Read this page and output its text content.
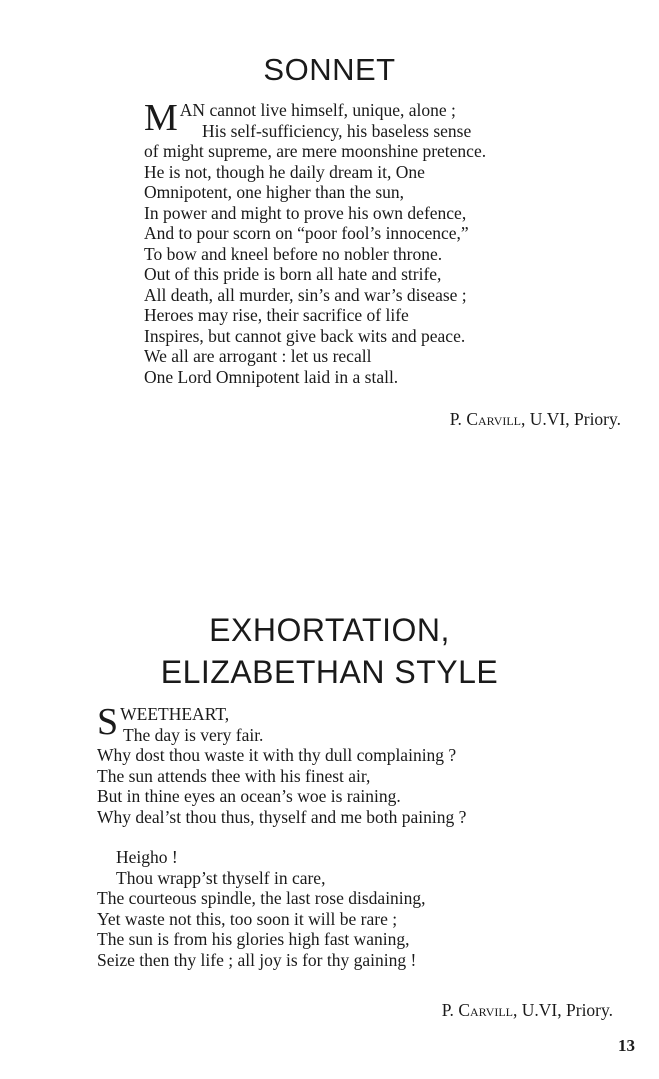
SONNET
MAN cannot live himself, unique, alone ;
His self-sufficiency, his baseless sense
of might supreme, are mere moonshine pretence.
He is not, though he daily dream it, One
Omnipotent, one higher than the sun,
In power and might to prove his own defence,
And to pour scorn on “poor fool’s innocence,”
To bow and kneel before no nobler throne.
Out of this pride is born all hate and strife,
All death, all murder, sin’s and war’s disease ;
Heroes may rise, their sacrifice of life
Inspires, but cannot give back wits and peace.
We all are arrogant : let us recall
One Lord Omnipotent laid in a stall.
P. Carvill, U.VI, Priory.
EXHORTATION,
ELIZABETHAN STYLE
SWEETHEART,
The day is very fair.
Why dost thou waste it with thy dull complaining ?
The sun attends thee with his finest air,
But in thine eyes an ocean’s woe is raining.
Why deal’st thou thus, thyself and me both paining ?
Heigho !
Thou wrapp’st thyself in care,
The courteous spindle, the last rose disdaining,
Yet waste not this, too soon it will be rare ;
The sun is from his glories high fast waning,
Seize then thy life ; all joy is for thy gaining !
P. Carvill, U.VI, Priory.
13
